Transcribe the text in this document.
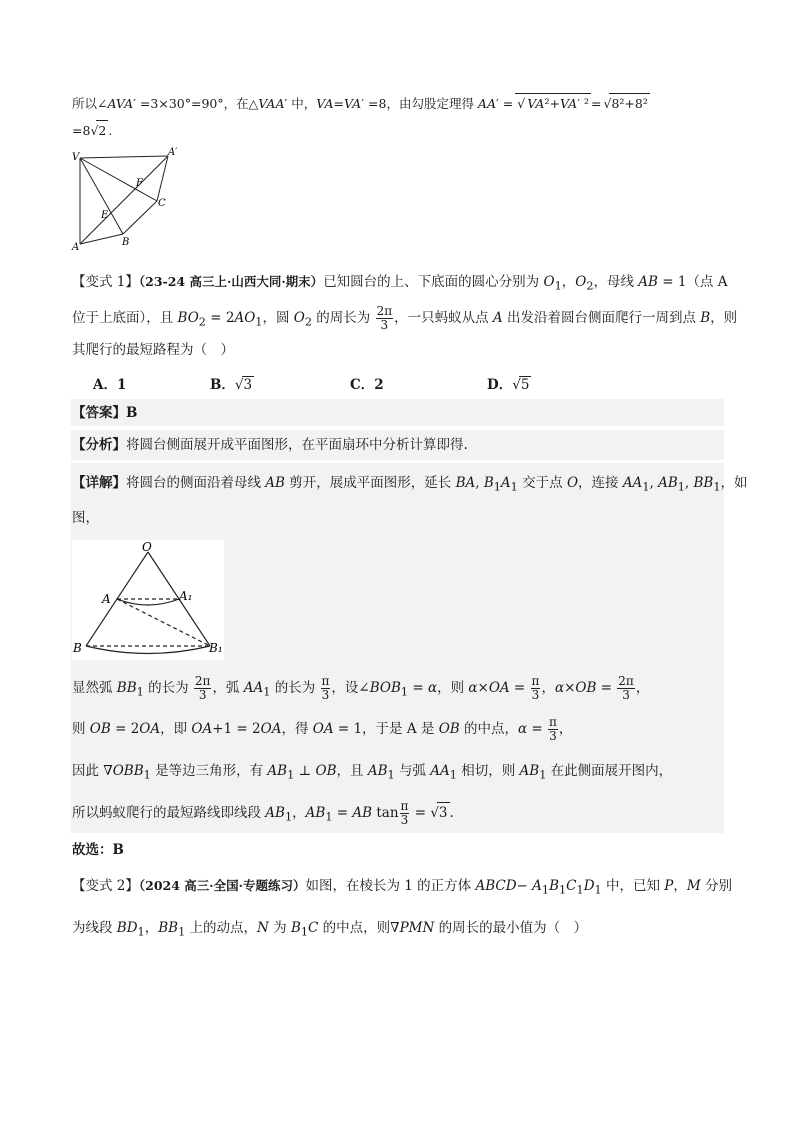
所以∠AVA′ =3×30°=90°，在△VAA′ 中，VA=VA′ =8，由勾股定理得 AA′ = √ VA²+VA′ ² = √8²+8²
=8√2 .
V	A′
F
C
E
A	B
【变式 1】（23-24 高三上·山西大同·期末）已知圆台的上、下底面的圆心分别为 $O_1$，$O_2$，母线 AB = 1（点 A
位于上底面），且 $BO_2 = 2AO_1$，圆 $O_2$ 的周长为 $\frac{2\pi}{3}$ ，一只蚂蚁从点 A 出发沿着圆台侧面爬行一周到点 B，则
其爬行的最短路程为（　）
A．1	B．√3	C．2	D．√5
【答案】B
【分析】将圆台侧面展开成平面图形，在平面扇环中分析计算即得.
【详解】将圆台的侧面沿着母线 AB 剪开，展成平面图形，延长 BA, $B_1A_1$ 交于点 O，连接 $AA_1$, $AB_1$, $BB_1$，如
图，
O
A	A₁
B	B₁
显然弧 $BB_1$ 的长为 $\frac{2\pi}{3}$ ，弧 $AA_1$ 的长为 $\frac{\pi}{3}$ ，设$\angle BOB_1 = \alpha$，则 $\alpha\times OA = \frac{\pi}{3}$ ，$\alpha\times OB = \frac{2\pi}{3}$ ，
则 OB = 2OA，即 OA+1 = 2OA，得 OA = 1，于是 A 是 OB 的中点，$\alpha = \frac{\pi}{3}$ ，
因此 $\nabla OBB_1$ 是等边三角形，有 $AB_1$ ⊥ OB，且 $AB_1$ 与弧 $AA_1$ 相切，则 $AB_1$ 在此侧面展开图内，
所以蚂蚁爬行的最短路线即线段 $AB_1$，$AB_1$ = AB $\tan \frac{\pi}{3} = √3$ .
故选：B
【变式 2】（2024 高三·全国·专题练习）如图，在棱长为 1 的正方体 ABCD− $A_1B_1C_1D_1$ 中，已知 P，M 分别
为线段 $BD_1$，$BB_1$ 上的动点，N 为 $B_1C$ 的中点，则∇PMN 的周长的最小值为（　）
